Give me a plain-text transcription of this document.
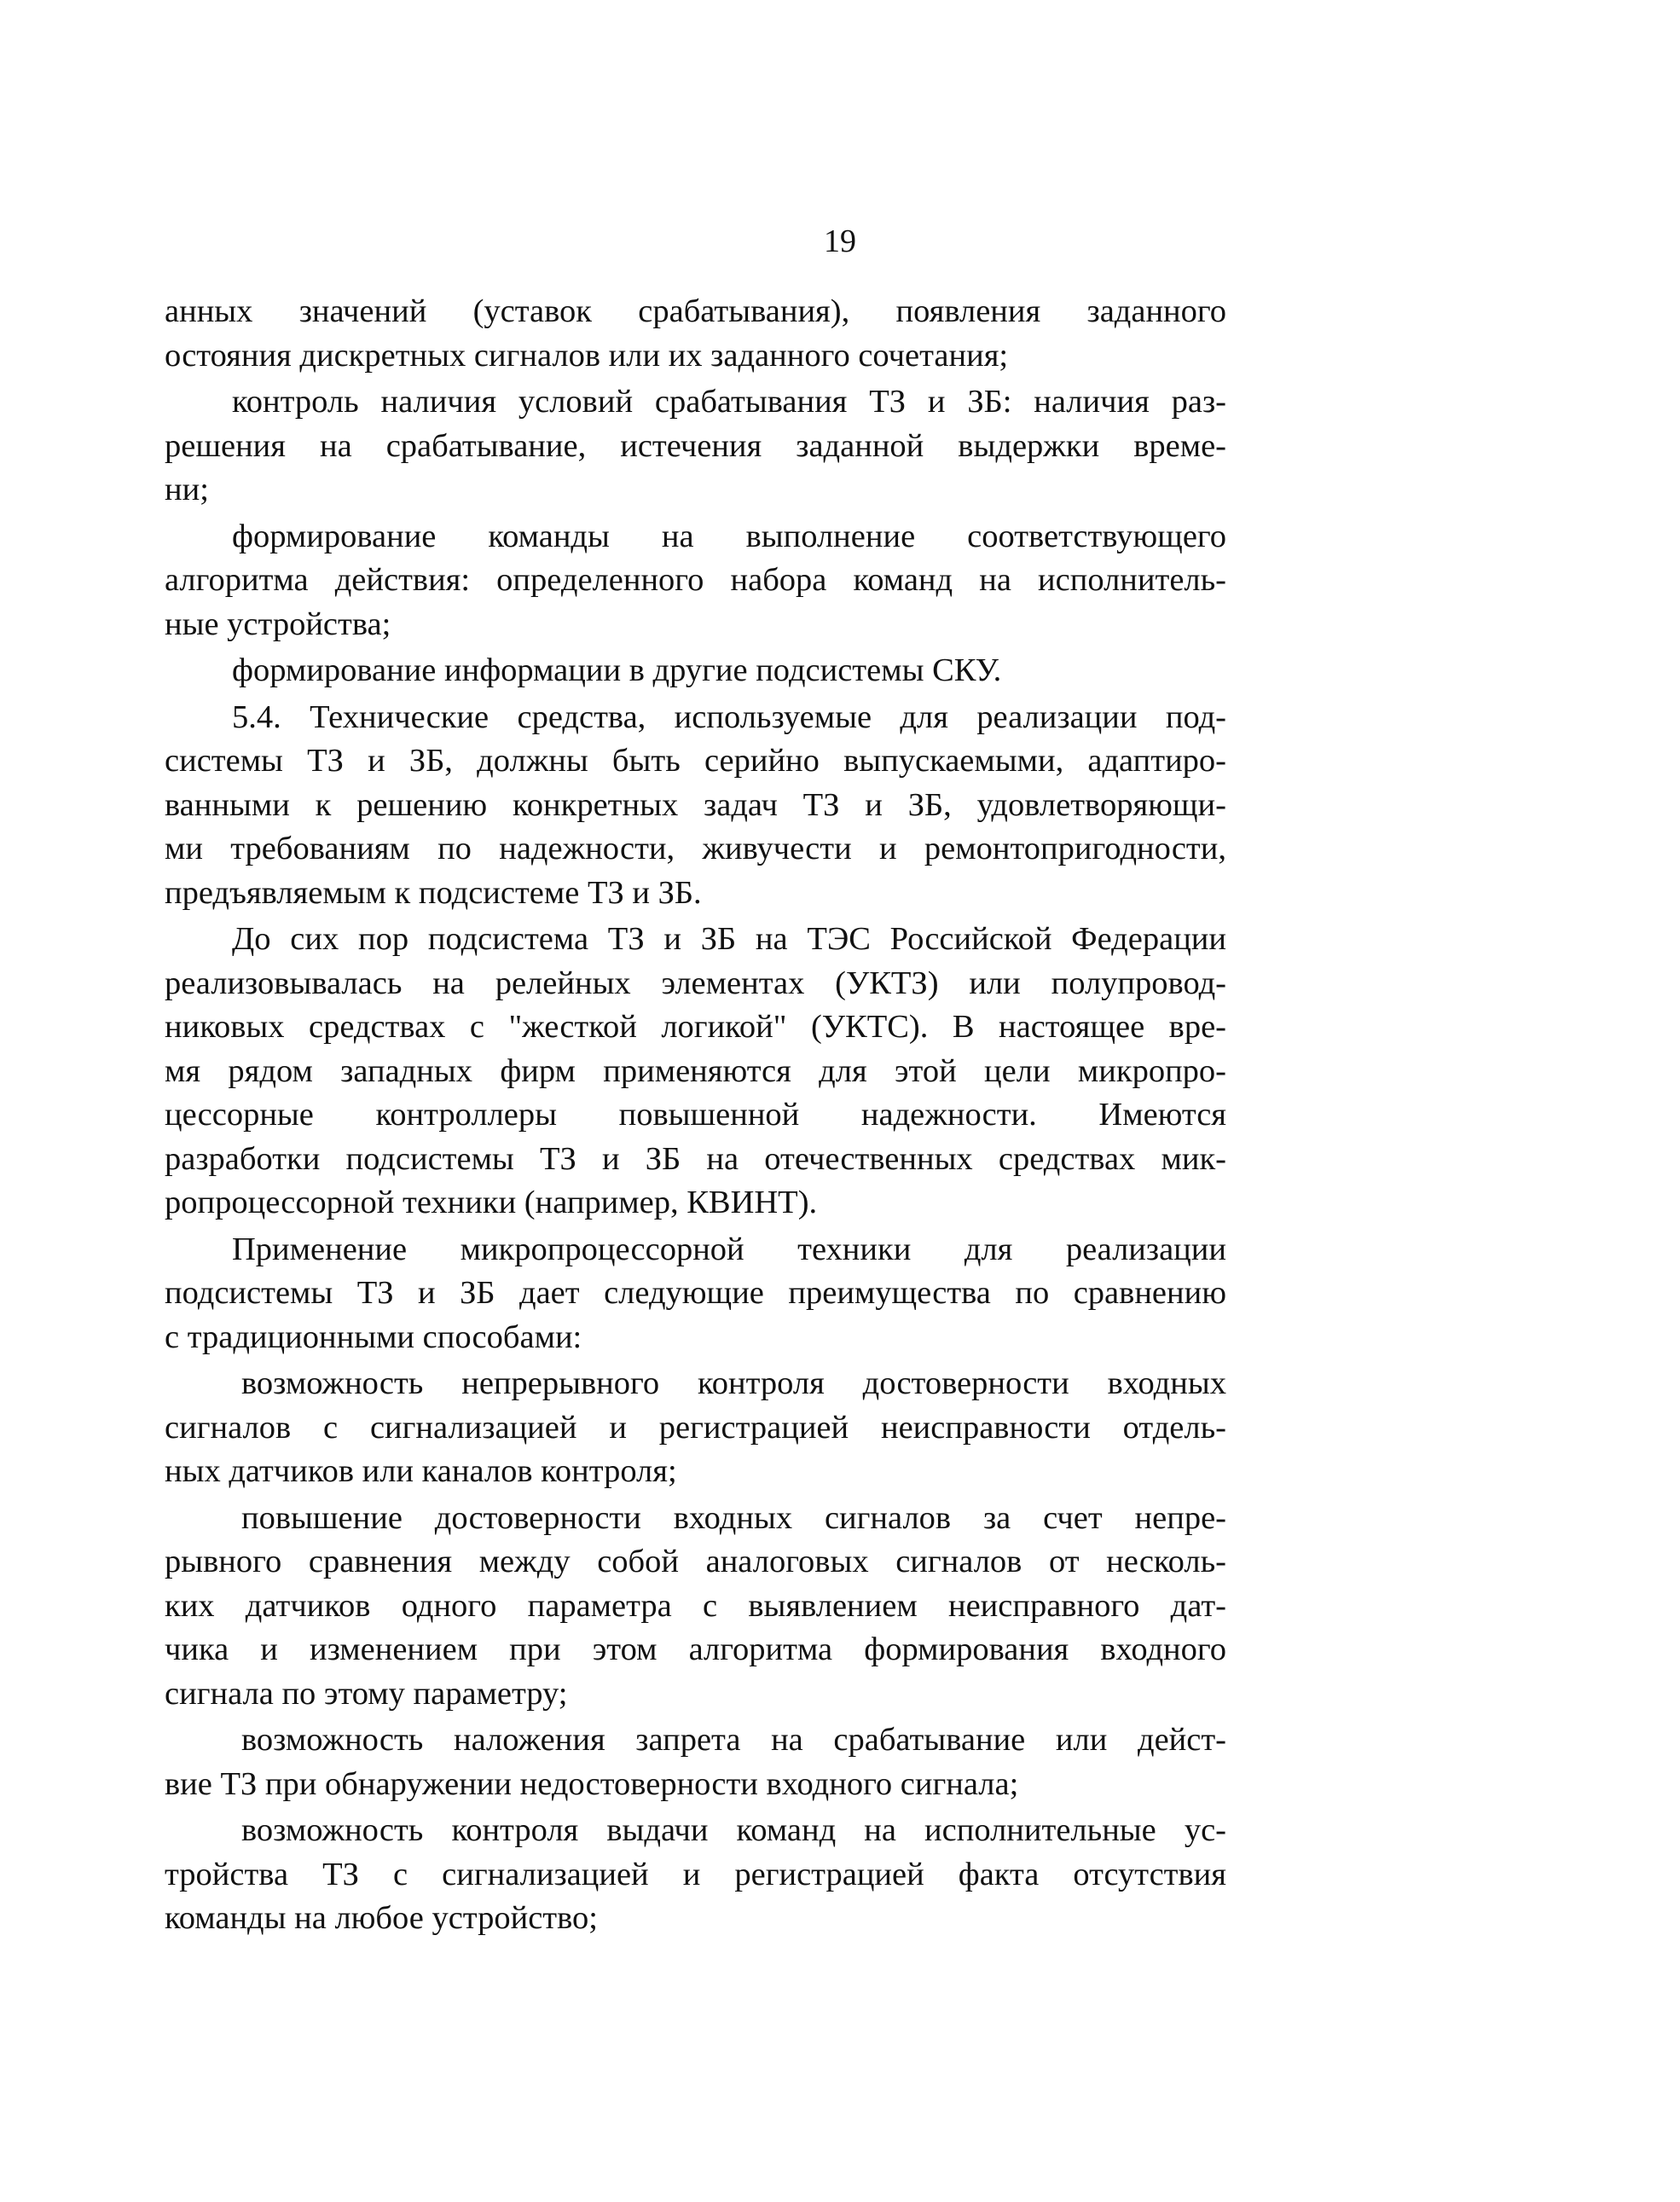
19
анных значений (уставок срабатывания), появления заданного
остояния дискретных сигналов или их заданного сочетания;
контроль наличия условий срабатывания ТЗ и ЗБ: наличия раз-
решения на срабатывание, истечения заданной выдержки време-
ни;
формирование команды на выполнение соответствующего
алгоритма действия: определенного набора команд на исполнитель-
ные устройства;
формирование информации в другие подсистемы СКУ.
5.4. Технические средства, используемые для реализации под-
системы ТЗ и ЗБ, должны быть серийно выпускаемыми, адаптиро-
ванными к решению конкретных задач ТЗ и ЗБ, удовлетворяющи-
ми требованиям по надежности, живучести и ремонтопригодности,
предъявляемым к подсистеме ТЗ и ЗБ.
До сих пор подсистема ТЗ и ЗБ на ТЭС Российской Федерации
реализовывалась на релейных элементах (УКТЗ) или полупровод-
никовых средствах с "жесткой логикой" (УКТС). В настоящее вре-
мя рядом западных фирм применяются для этой цели микропро-
цессорные контроллеры повышенной надежности. Имеются
разработки подсистемы ТЗ и ЗБ на отечественных средствах мик-
ропроцессорной техники (например, КВИНТ).
Применение микропроцессорной техники для реализации
подсистемы ТЗ и ЗБ дает следующие преимущества по сравнению
с традиционными способами:
возможность непрерывного контроля достоверности входных
сигналов с сигнализацией и регистрацией неисправности отдель-
ных датчиков или каналов контроля;
повышение достоверности входных сигналов за счет непре-
рывного сравнения между собой аналоговых сигналов от несколь-
ких датчиков одного параметра с выявлением неисправного дат-
чика и изменением при этом алгоритма формирования входного
сигнала по этому параметру;
возможность наложения запрета на срабатывание или дейст-
вие ТЗ при обнаружении недостоверности входного сигнала;
возможность контроля выдачи команд на исполнительные ус-
тройства ТЗ с сигнализацией и регистрацией факта отсутствия
команды на любое устройство;
